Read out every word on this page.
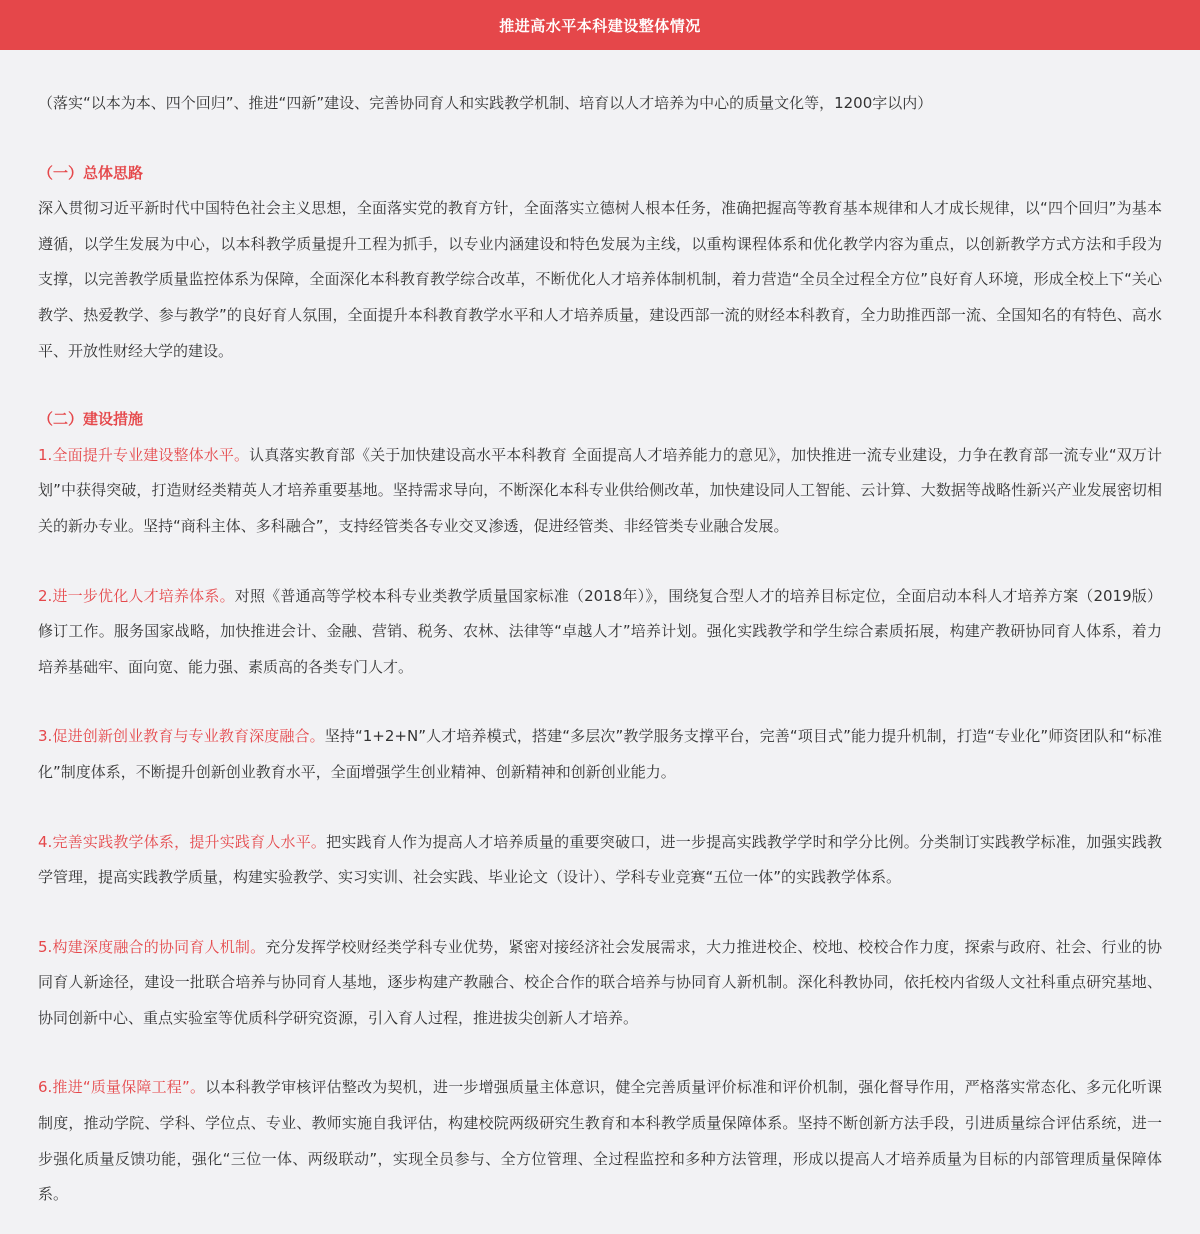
推进高水平本科建设整体情况

（落实“以本为本、四个回归”、推进“四新”建设、完善协同育人和实践教学机制、培育以人才培养为中心的质量文化等，1200字以内）

（一）总体思路

深入贯彻习近平新时代中国特色社会主义思想，全面落实党的教育方针，全面落实立德树人根本任务，准确把握高等教育基本规律和人才成长规律，以“四个回归”为基本遵循，以学生发展为中心，以本科教学质量提升工程为抓手，以专业内涵建设和特色发展为主线，以重构课程体系和优化教学内容为重点，以创新教学方式方法和手段为支撑，以完善教学质量监控体系为保障，全面深化本科教育教学综合改革，不断优化人才培养体制机制，着力营造“全员全过程全方位”良好育人环境，形成全校上下“关心教学、热爱教学、参与教学”的良好育人氛围，全面提升本科教育教学水平和人才培养质量，建设西部一流的财经本科教育，全力助推西部一流、全国知名的有特色、高水平、开放性财经大学的建设。

（二）建设措施

1.全面提升专业建设整体水平。认真落实教育部《关于加快建设高水平本科教育 全面提高人才培养能力的意见》，加快推进一流专业建设，力争在教育部一流专业“双万计划”中获得突破，打造财经类精英人才培养重要基地。坚持需求导向，不断深化本科专业供给侧改革，加快建设同人工智能、云计算、大数据等战略性新兴产业发展密切相关的新办专业。坚持“商科主体、多科融合”，支持经管类各专业交叉渗透，促进经管类、非经管类专业融合发展。

2.进一步优化人才培养体系。对照《普通高等学校本科专业类教学质量国家标准（2018年）》，围绕复合型人才的培养目标定位，全面启动本科人才培养方案（2019版）修订工作。服务国家战略，加快推进会计、金融、营销、税务、农林、法律等“卓越人才”培养计划。强化实践教学和学生综合素质拓展，构建产教研协同育人体系，着力培养基础牢、面向宽、能力强、素质高的各类专门人才。

3.促进创新创业教育与专业教育深度融合。坚持“1+2+N”人才培养模式，搭建“多层次”教学服务支撑平台，完善“项目式”能力提升机制，打造“专业化”师资团队和“标准化”制度体系，不断提升创新创业教育水平，全面增强学生创业精神、创新精神和创新创业能力。

4.完善实践教学体系，提升实践育人水平。把实践育人作为提高人才培养质量的重要突破口，进一步提高实践教学学时和学分比例。分类制订实践教学标准，加强实践教学管理，提高实践教学质量，构建实验教学、实习实训、社会实践、毕业论文（设计）、学科专业竞赛“五位一体”的实践教学体系。

5.构建深度融合的协同育人机制。充分发挥学校财经类学科专业优势，紧密对接经济社会发展需求，大力推进校企、校地、校校合作力度，探索与政府、社会、行业的协同育人新途径，建设一批联合培养与协同育人基地，逐步构建产教融合、校企合作的联合培养与协同育人新机制。深化科教协同，依托校内省级人文社科重点研究基地、协同创新中心、重点实验室等优质科学研究资源，引入育人过程，推进拔尖创新人才培养。

6.推进“质量保障工程”。以本科教学审核评估整改为契机，进一步增强质量主体意识，健全完善质量评价标准和评价机制，强化督导作用，严格落实常态化、多元化听课制度，推动学院、学科、学位点、专业、教师实施自我评估，构建校院两级研究生教育和本科教学质量保障体系。坚持不断创新方法手段，引进质量综合评估系统，进一步强化质量反馈功能，强化“三位一体、两级联动”，实现全员参与、全方位管理、全过程监控和多种方法管理，形成以提高人才培养质量为目标的内部管理质量保障体系。
